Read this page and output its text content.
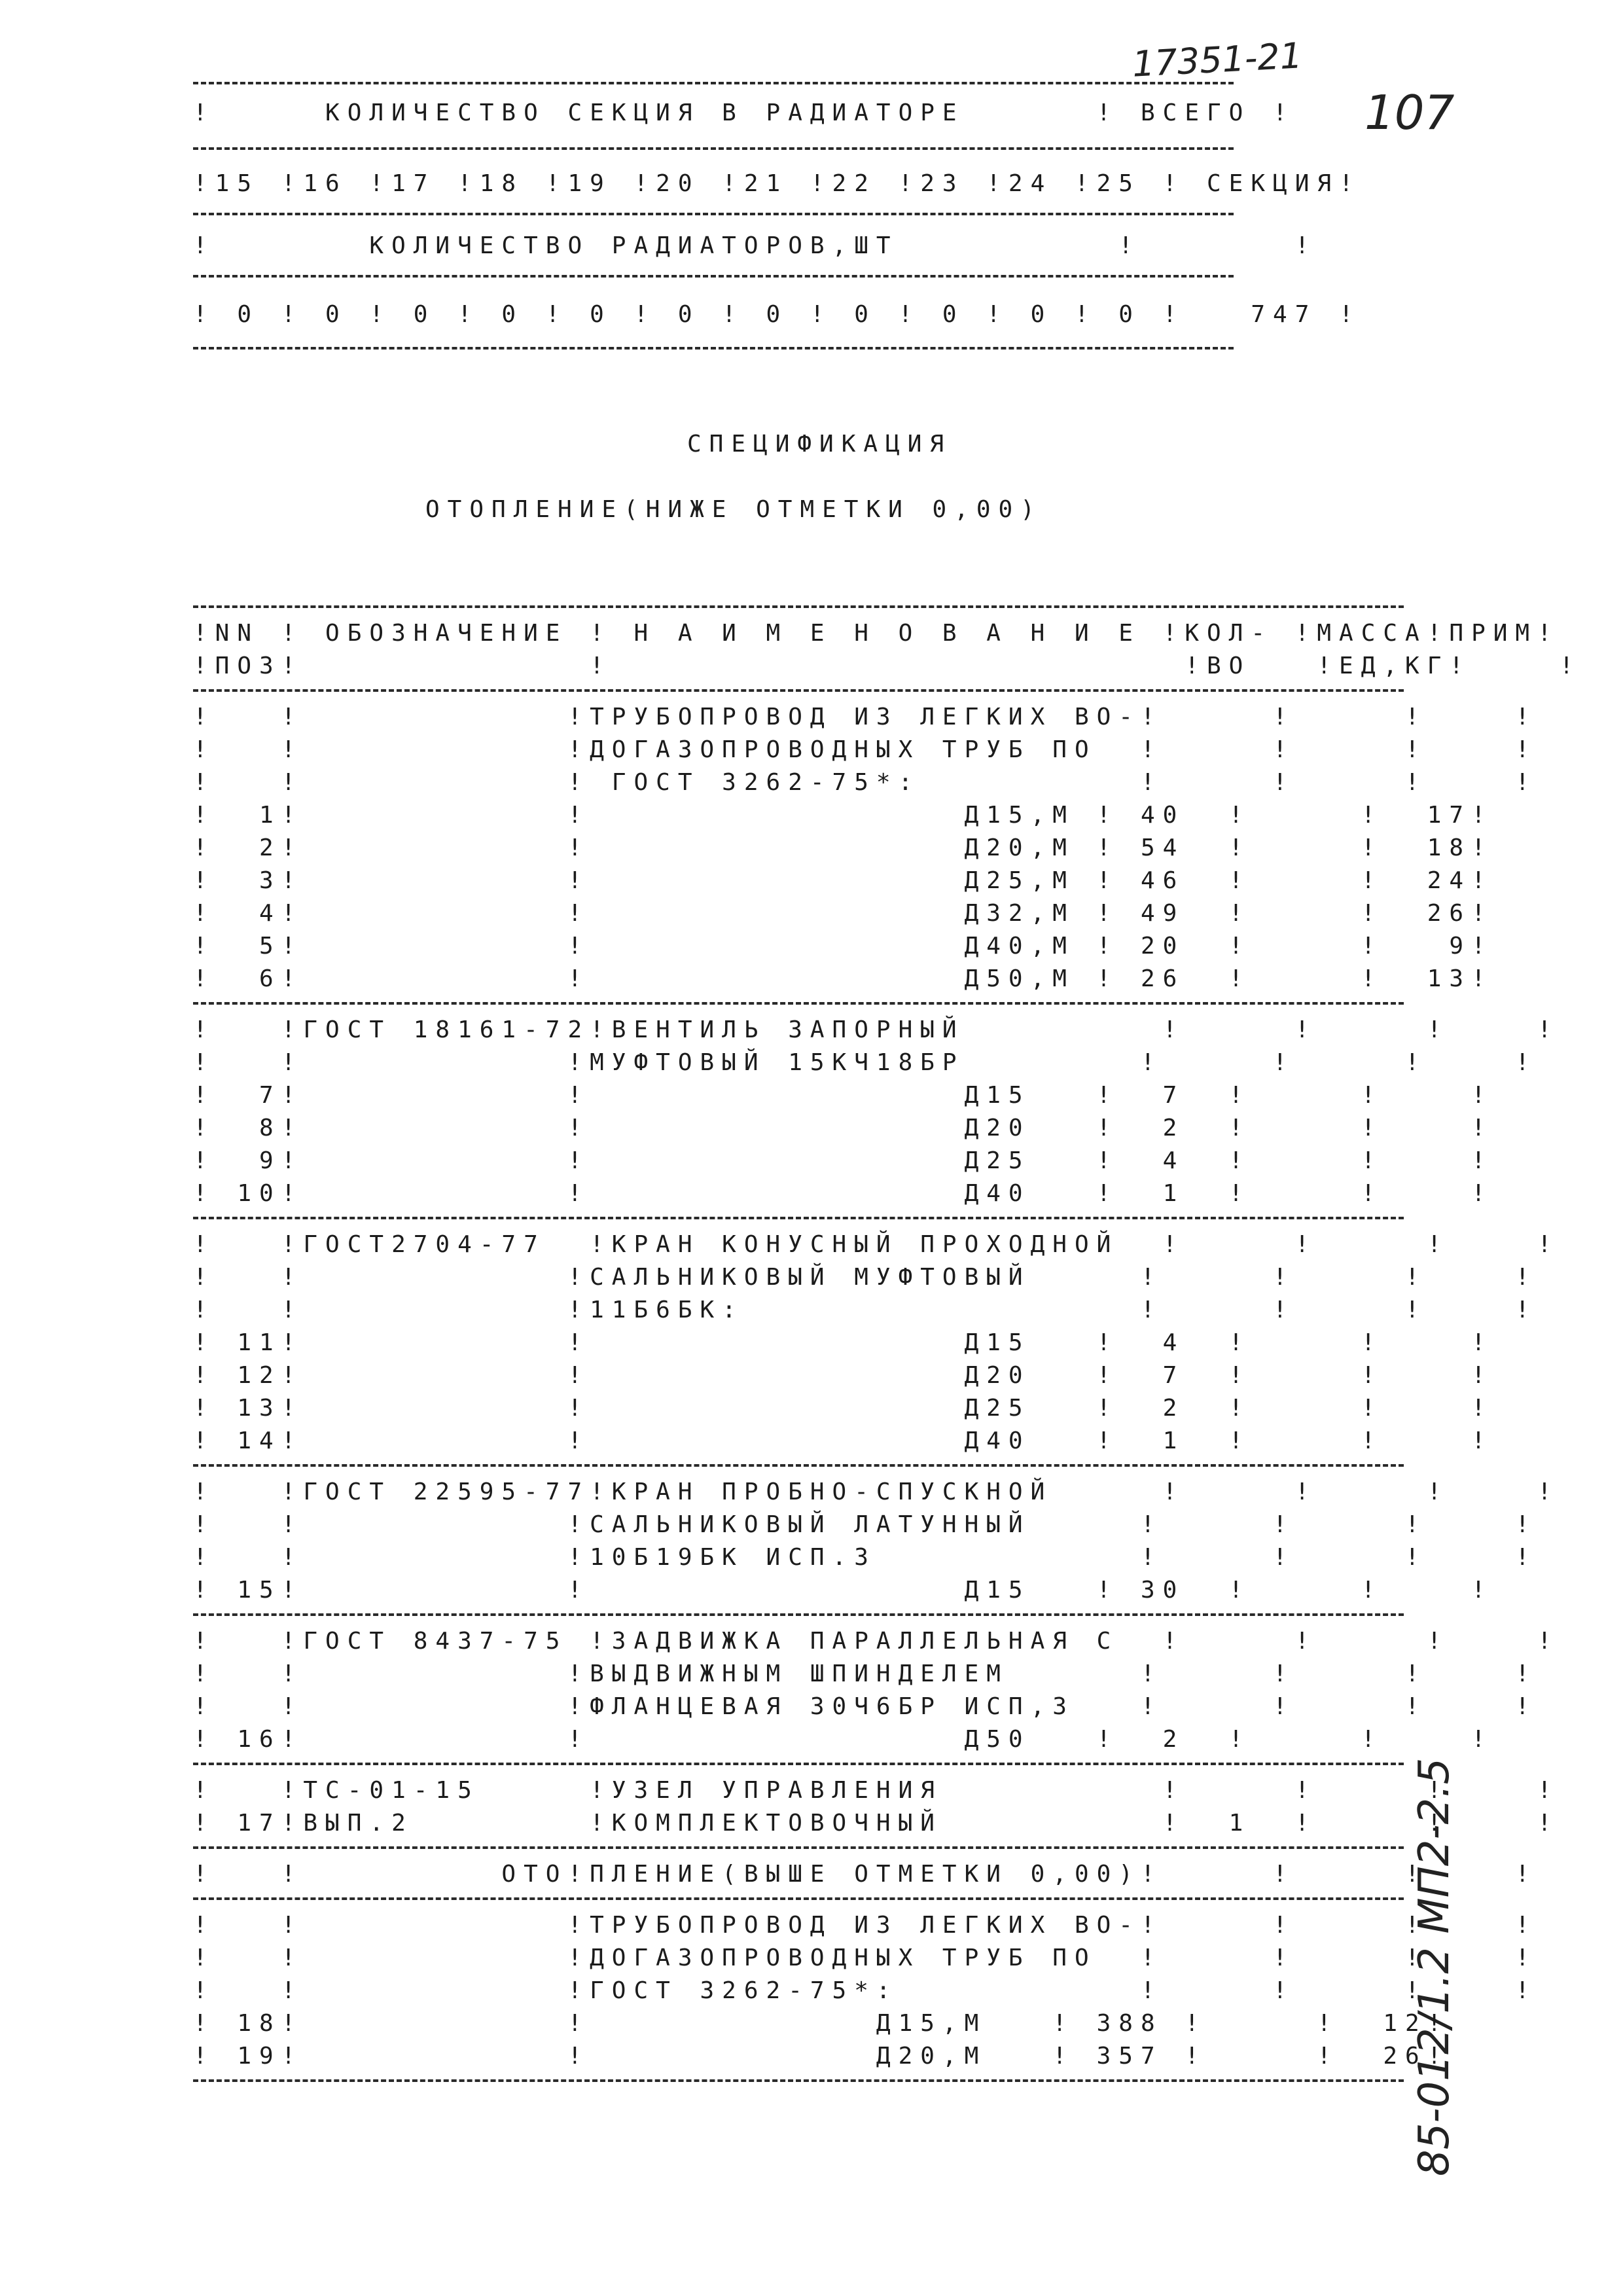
17351-21
107
85-012/1.2 МП2-2.5
!     КОЛИЧЕСТВО СЕКЦИЯ В РАДИАТОРЕ      ! ВСЕГО !
!15 !16 !17 !18 !19 !20 !21 !22 !23 !24 !25 ! СЕКЦИЯ!
!       КОЛИЧЕСТВО РАДИАТОРОВ,ШТ          !       !
! 0 ! 0 ! 0 ! 0 ! 0 ! 0 ! 0 ! 0 ! 0 ! 0 ! 0 !   747 !
СПЕЦИФИКАЦИЯ
ОТОПЛЕНИЕ(НИЖЕ ОТМЕТКИ 0,00)
!NN ! ОБОЗНАЧЕНИЕ ! Н А И М Е Н О В А Н И Е !КОЛ- !МАССА!ПРИМ!
!ПОЗ!             !                          !ВО   !ЕД,КГ!    !
!   !            !ТРУБОПРОВОД ИЗ ЛЕГКИХ ВО-!     !     !    !
!   !            !ДОГАЗОПРОВОДНЫХ ТРУБ ПО  !     !     !    !
!   !            ! ГОСТ 3262-75*:          !     !     !    !
!  1!            !                 Д15,М ! 40  !     !  17!
!  2!            !                 Д20,М ! 54  !     !  18!
!  3!            !                 Д25,М ! 46  !     !  24!
!  4!            !                 Д32,М ! 49  !     !  26!
!  5!            !                 Д40,М ! 20  !     !   9!
!  6!            !                 Д50,М ! 26  !     !  13!
!   !ГОСТ 18161-72!ВЕНТИЛЬ ЗАПОРНЫЙ         !     !     !    !
!   !            !МУФТОВЫЙ 15КЧ18БР        !     !     !    !
!  7!            !                 Д15   !  7  !     !    !
!  8!            !                 Д20   !  2  !     !    !
!  9!            !                 Д25   !  4  !     !    !
! 10!            !                 Д40   !  1  !     !    !
!   !ГОСТ2704-77  !КРАН КОНУСНЫЙ ПРОХОДНОЙ  !     !     !    !
!   !            !САЛЬНИКОВЫЙ МУФТОВЫЙ     !     !     !    !
!   !            !11Б6БК:                  !     !     !    !
! 11!            !                 Д15   !  4  !     !    !
! 12!            !                 Д20   !  7  !     !    !
! 13!            !                 Д25   !  2  !     !    !
! 14!            !                 Д40   !  1  !     !    !
!   !ГОСТ 22595-77!КРАН ПРОБНО-СПУСКНОЙ     !     !     !    !
!   !            !САЛЬНИКОВЫЙ ЛАТУННЫЙ     !     !     !    !
!   !            !10Б19БК ИСП.3            !     !     !    !
! 15!            !                 Д15   ! 30  !     !    !
!   !ГОСТ 8437-75 !ЗАДВИЖКА ПАРАЛЛЕЛЬНАЯ С  !     !     !    !
!   !            !ВЫДВИЖНЫМ ШПИНДЕЛЕМ      !     !     !    !
!   !            !ФЛАНЦЕВАЯ 30Ч6БР ИСП,3   !     !     !    !
! 16!            !                 Д50   !  2  !     !    !
!   !ТС-01-15     !УЗЕЛ УПРАВЛЕНИЯ          !     !     !    !
! 17!ВЫП.2        !КОМПЛЕКТОВОЧНЫЙ          !  1  !     !    !
!   !         ОТО!ПЛЕНИЕ(ВЫШЕ ОТМЕТКИ 0,00)!     !     !    !
!   !            !ТРУБОПРОВОД ИЗ ЛЕГКИХ ВО-!     !     !    !
!   !            !ДОГАЗОПРОВОДНЫХ ТРУБ ПО  !     !     !    !
!   !            !ГОСТ 3262-75*:           !     !     !    !
! 18!            !             Д15,М   ! 388 !     !  12!
! 19!            !             Д20,М   ! 357 !     !  26!
